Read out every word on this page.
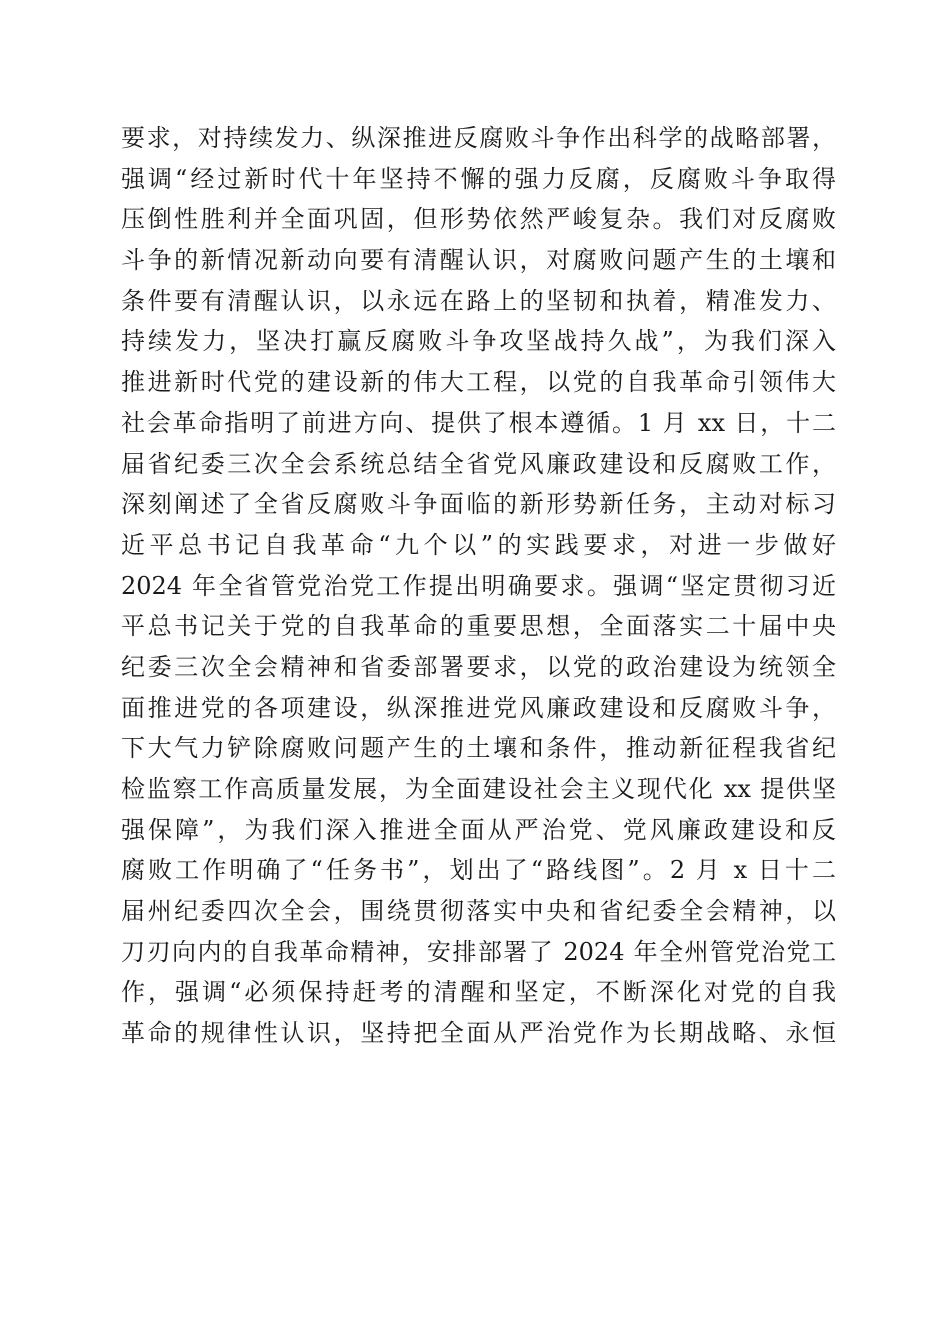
要求，对持续发力、纵深推进反腐败斗争作出科学的战略部署，
强调“经过新时代十年坚持不懈的强力反腐，反腐败斗争取得
压倒性胜利并全面巩固，但形势依然严峻复杂。我们对反腐败
斗争的新情况新动向要有清醒认识，对腐败问题产生的土壤和
条件要有清醒认识，以永远在路上的坚韧和执着，精准发力、
持续发力，坚决打赢反腐败斗争攻坚战持久战”，为我们深入
推进新时代党的建设新的伟大工程，以党的自我革命引领伟大
社会革命指明了前进方向、提供了根本遵循。1 月 xx 日，十二
届省纪委三次全会系统总结全省党风廉政建设和反腐败工作，
深刻阐述了全省反腐败斗争面临的新形势新任务，主动对标习
近平总书记自我革命“九个以”的实践要求，对进一步做好
2024 年全省管党治党工作提出明确要求。强调“坚定贯彻习近
平总书记关于党的自我革命的重要思想，全面落实二十届中央
纪委三次全会精神和省委部署要求，以党的政治建设为统领全
面推进党的各项建设，纵深推进党风廉政建设和反腐败斗争，
下大气力铲除腐败问题产生的土壤和条件，推动新征程我省纪
检监察工作高质量发展，为全面建设社会主义现代化 xx 提供坚
强保障”，为我们深入推进全面从严治党、党风廉政建设和反
腐败工作明确了“任务书”，划出了“路线图”。2 月 x 日十二
届州纪委四次全会，围绕贯彻落实中央和省纪委全会精神，以
刀刃向内的自我革命精神，安排部署了 2024 年全州管党治党工
作，强调“必须保持赶考的清醒和坚定，不断深化对党的自我
革命的规律性认识，坚持把全面从严治党作为长期战略、永恒
